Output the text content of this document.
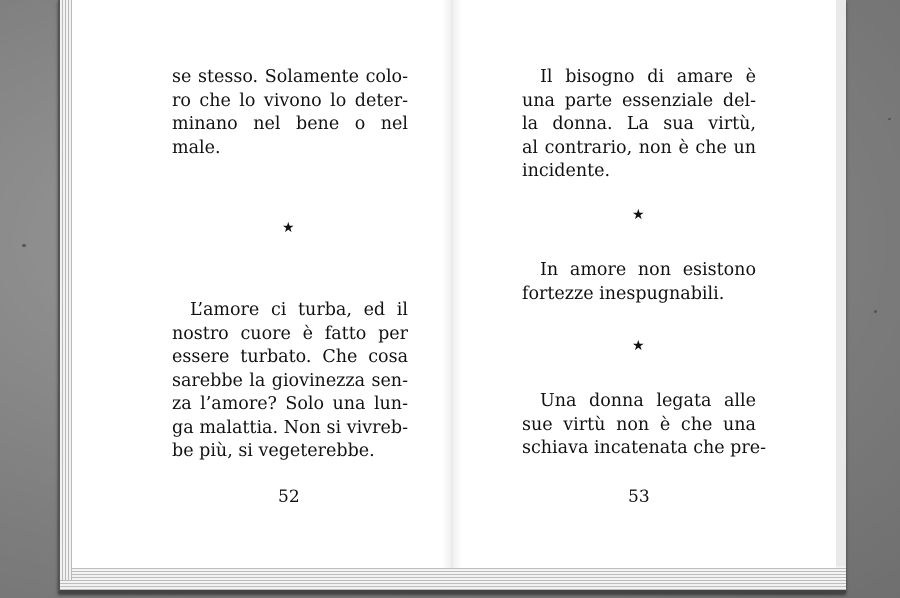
se stesso. Solamente colo-
ro che lo vivono lo deter-
minano nel bene o nel
male.

★

L’amore ci turba, ed il
nostro cuore è fatto per
essere turbato. Che cosa
sarebbe la giovinezza sen-
za l’amore? Solo una lun-
ga malattia. Non si vivreb-
be più, si vegeterebbe.

52

Il bisogno di amare è
una parte essenziale del-
la donna. La sua virtù,
al contrario, non è che un
incidente.

★

In amore non esistono
fortezze inespugnabili.

★

Una donna legata alle
sue virtù non è che una
schiava incatenata che pre-

53
